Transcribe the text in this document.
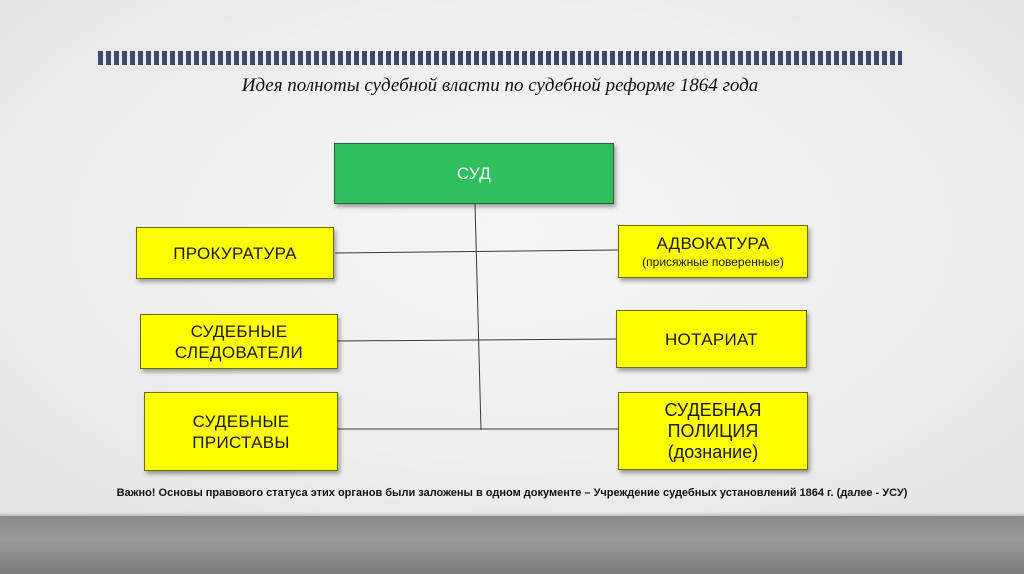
Идея полноты судебной власти по судебной реформе 1864 года
СУД
ПРОКУРАТУРА
СУДЕБНЫЕ
СЛЕДОВАТЕЛИ
СУДЕБНЫЕ
ПРИСТАВЫ
АДВОКАТУРА
(присяжные поверенные)
НОТАРИАТ
СУДЕБНАЯ
ПОЛИЦИЯ
(дознание)
Важно! Основы правового статуса этих органов были заложены в одном документе – Учреждение судебных установлений 1864 г. (далее - УСУ)
